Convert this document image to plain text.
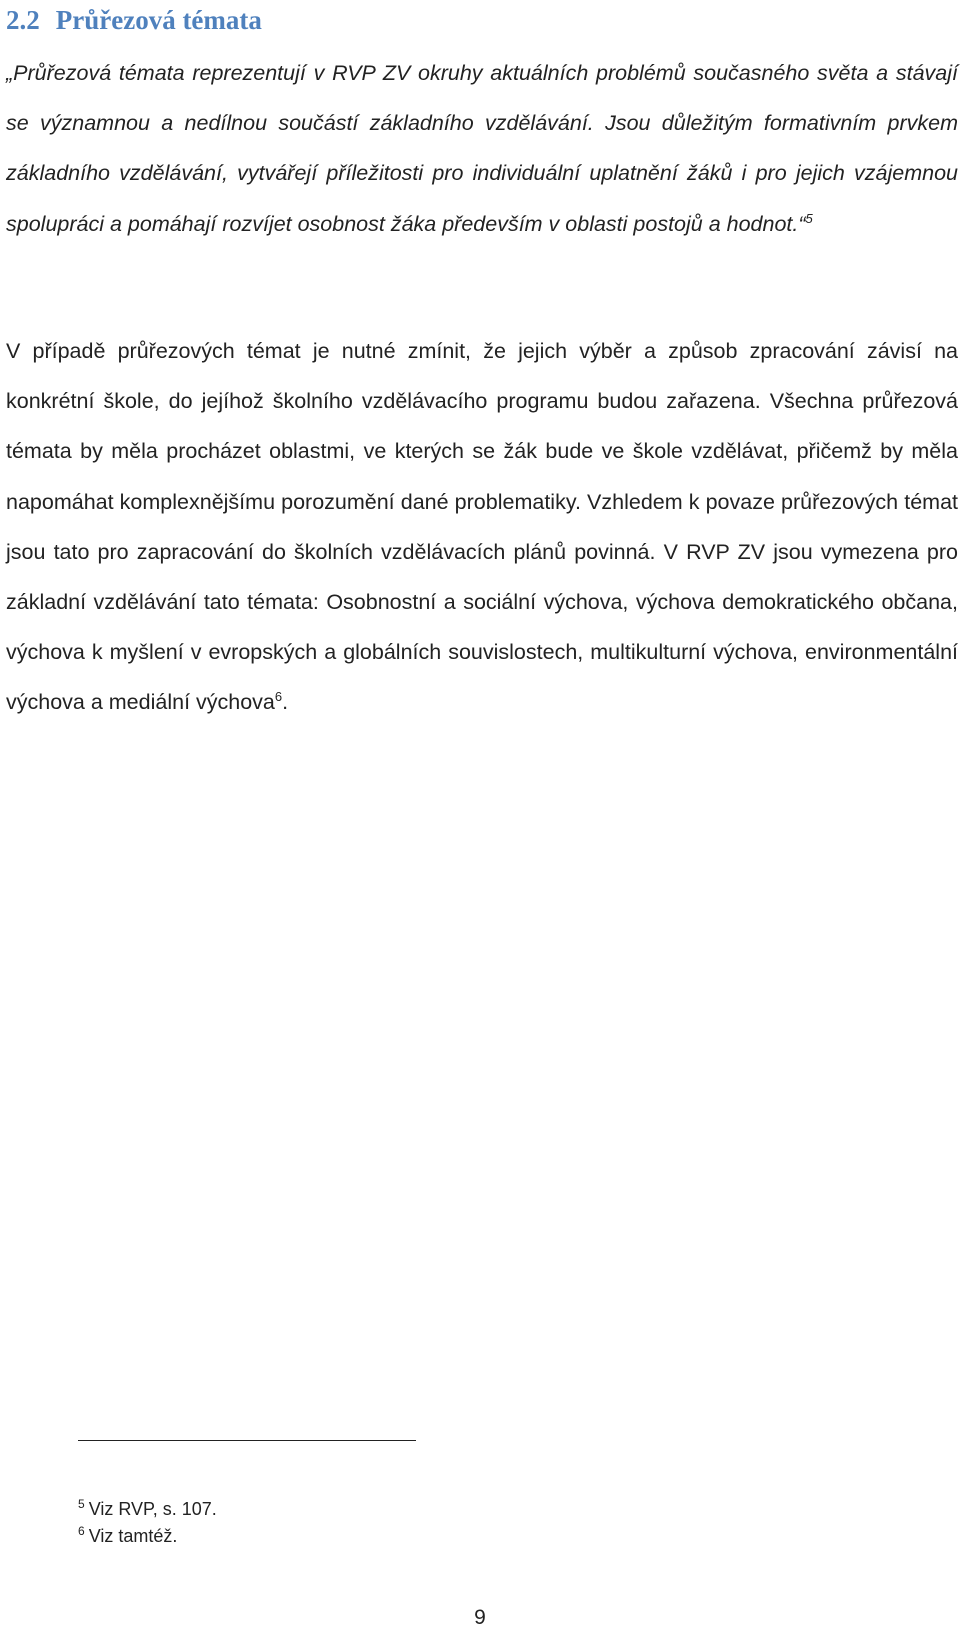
2.2 Průřezová témata

„Průřezová témata reprezentují v RVP ZV okruhy aktuálních problémů současného světa a stávají se významnou a nedílnou součástí základního vzdělávání. Jsou důležitým formativním prvkem základního vzdělávání, vytvářejí příležitosti pro individuální uplatnění žáků i pro jejich vzájemnou spolupráci a pomáhají rozvíjet osobnost žáka především v oblasti postojů a hodnot.“$^5$

V případě průřezových témat je nutné zmínit, že jejich výběr a způsob zpracování závisí na konkrétní škole, do jejíhož školního vzdělávacího programu budou zařazena. Všechna průřezová témata by měla procházet oblastmi, ve kterých se žák bude ve škole vzdělávat, přičemž by měla napomáhat komplexnějšímu porozumění dané problematiky. Vzhledem k povaze průřezových témat jsou tato pro zapracování do školních vzdělávacích plánů povinná. V RVP ZV jsou vymezena pro základní vzdělávání tato témata: Osobnostní a sociální výchova, výchova demokratického občana, výchova k myšlení v evropských a globálních souvislostech, multikulturní výchova, environmentální výchova a mediální výchova$^6$.

$^5$ Viz RVP, s. 107.

$^6$ Viz tamtéž.

9
